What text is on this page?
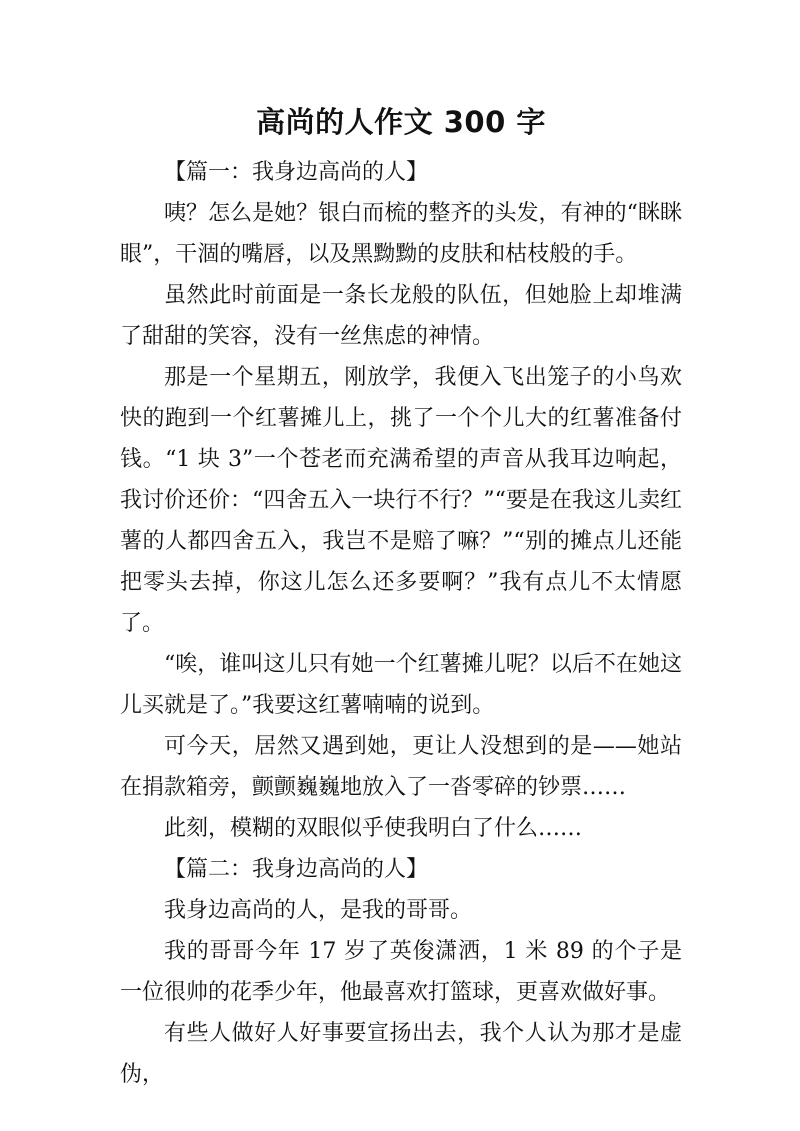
高尚的人作文 300 字

【篇一：我身边高尚的人】

咦？怎么是她？银白而梳的整齐的头发，有神的“眯眯眼”，干涸的嘴唇，以及黑黝黝的皮肤和枯枝般的手。

虽然此时前面是一条长龙般的队伍，但她脸上却堆满了甜甜的笑容，没有一丝焦虑的神情。

那是一个星期五，刚放学，我便入飞出笼子的小鸟欢快的跑到一个红薯摊儿上，挑了一个个儿大的红薯准备付钱。“1 块 3”一个苍老而充满希望的声音从我耳边响起，我讨价还价：“四舍五入一块行不行？”“要是在我这儿卖红薯的人都四舍五入，我岂不是赔了嘛？”“别的摊点儿还能把零头去掉，你这儿怎么还多要啊？”我有点儿不太情愿了。

“唉，谁叫这儿只有她一个红薯摊儿呢？以后不在她这儿买就是了。”我要这红薯喃喃的说到。

可今天，居然又遇到她，更让人没想到的是——她站在捐款箱旁，颤颤巍巍地放入了一沓零碎的钞票……

此刻，模糊的双眼似乎使我明白了什么……

【篇二：我身边高尚的人】

我身边高尚的人，是我的哥哥。

我的哥哥今年 17 岁了英俊潇洒，1 米 89 的个子是一位很帅的花季少年，他最喜欢打篮球，更喜欢做好事。

有些人做好人好事要宣扬出去，我个人认为那才是虚伪，
